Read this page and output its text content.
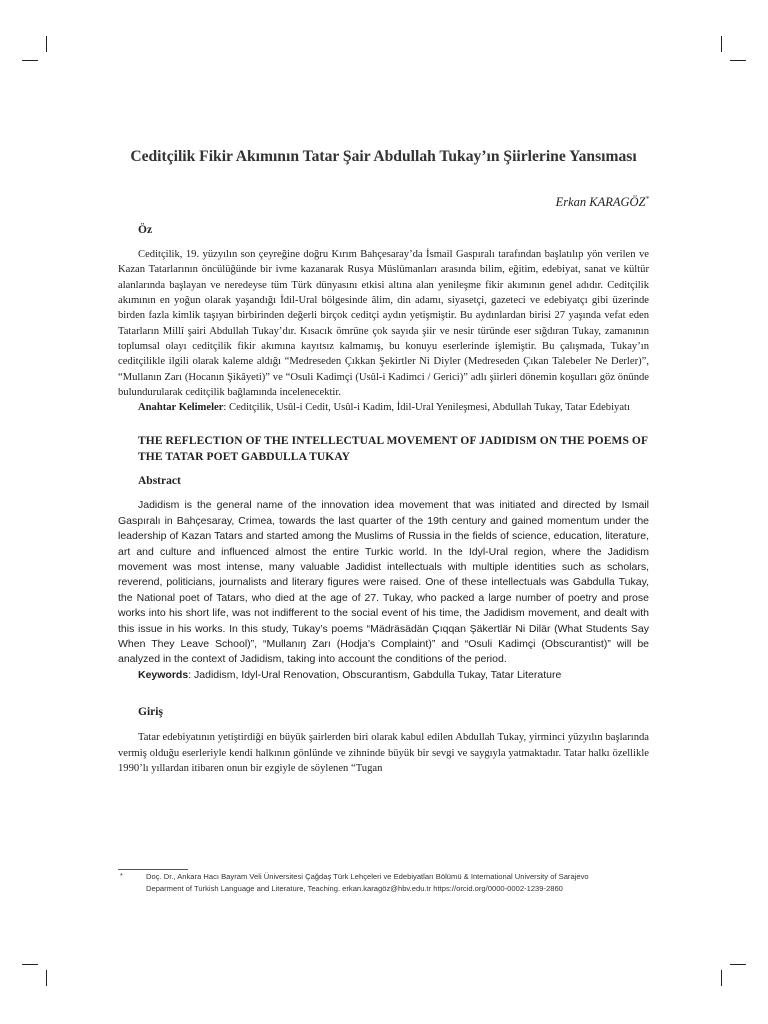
Ceditçilik Fikir Akımının Tatar Şair Abdullah Tukay’ın Şiirlerine Yansıması
Erkan KARAGÖZ*
Öz

Ceditçilik, 19. yüzyılın son çeyreğine doğru Kırım Bahçesaray’da İsmail Gaspıralı tarafından başlatılıp yön verilen ve Kazan Tatarlarının öncülüğünde bir ivme kazanarak Rusya Müslümanları arasında bilim, eğitim, edebiyat, sanat ve kültür alanlarında başlayan ve neredeyse tüm Türk dünyasını etkisi altına alan yenileşme fikir akımının genel adıdır. Ceditçilik akımının en yoğun olarak yaşandığı İdil-Ural bölgesinde âlim, din adamı, siyasetçi, gazeteci ve edebiyatçı gibi üzerinde birden fazla kimlik taşıyan birbirinden değerli birçok ceditçi aydın yetişmiştir. Bu aydınlardan birisi 27 yaşında vefat eden Tatarların Millî şairi Abdullah Tukay’dır. Kısacık ömrüne çok sayıda şiir ve nesir türünde eser sığdıran Tukay, zamanının toplumsal olayı ceditçilik fikir akımına kayıtsız kalmamış, bu konuyu eserlerinde işlemiştir. Bu çalışmada, Tukay’ın ceditçilikle ilgili olarak kaleme aldığı “Medreseden Çıkkan Şekirtler Ni Diyler (Medreseden Çıkan Talebeler Ne Derler)”, “Mullanın Zarı (Hocanın Şikâyeti)” ve “Osuli Kadimçi (Usûl-i Kadimci / Gerici)” adlı şiirleri dönemin koşulları göz önünde bulundurularak ceditçilik bağlamında incelenecektir.

Anahtar Kelimeler: Ceditçilik, Usûl-i Cedit, Usûl-i Kadim, İdil-Ural Yenileşmesi, Abdullah Tukay, Tatar Edebiyatı

THE REFLECTION OF THE INTELLECTUAL MOVEMENT OF JADIDISM ON THE POEMS OF THE TATAR POET GABDULLA TUKAY
Abstract

Jadidism is the general name of the innovation idea movement that was initiated and directed by Ismail Gaspıralı in Bahçesaray, Crimea, towards the last quarter of the 19th century and gained momentum under the leadership of Kazan Tatars and started among the Muslims of Russia in the fields of science, education, literature, art and culture and influenced almost the entire Turkic world. In the Idyl-Ural region, where the Jadidism movement was most intense, many valuable Jadidist intellectuals with multiple identities such as scholars, reverend, politicians, journalists and literary figures were raised. One of these intellectuals was Gabdulla Tukay, the National poet of Tatars, who died at the age of 27. Tukay, who packed a large number of poetry and prose works into his short life, was not indifferent to the social event of his time, the Jadidism movement, and dealt with this issue in his works. In this study, Tukay’s poems “Mädräsädän Çıqqan Şäkertlär Ni Dilär (What Students Say When They Leave School)”, “Mullanıŋ Zarı (Hodja’s Complaint)” and “Osuli Kadimçi (Obscurantist)” will be analyzed in the context of Jadidism, taking into account the conditions of the period.

Keywords: Jadidism, Idyl-Ural Renovation, Obscurantism, Gabdulla Tukay, Tatar Literature

Giriş

Tatar edebiyatının yetiştirdiği en büyük şairlerden biri olarak kabul edilen Abdullah Tukay, yirminci yüzyılın başlarında vermiş olduğu eserleriyle kendi halkının gönlünde ve zihninde büyük bir sevgi ve saygıyla yatmaktadır. Tatar halkı özellikle 1990’lı yıllardan itibaren onun bir ezgiyle de söylenen “Tugan

*	Doç. Dr., Ankara Hacı Bayram Veli Üniversitesi Çağdaş Türk Lehçeleri ve Edebiyatları Bölümü & International University of Sarajevo
Deparment of Turkish Language and Literature, Teaching. erkan.karagöz@hbv.edu.tr https://orcid.org/0000-0002-1239-2860
